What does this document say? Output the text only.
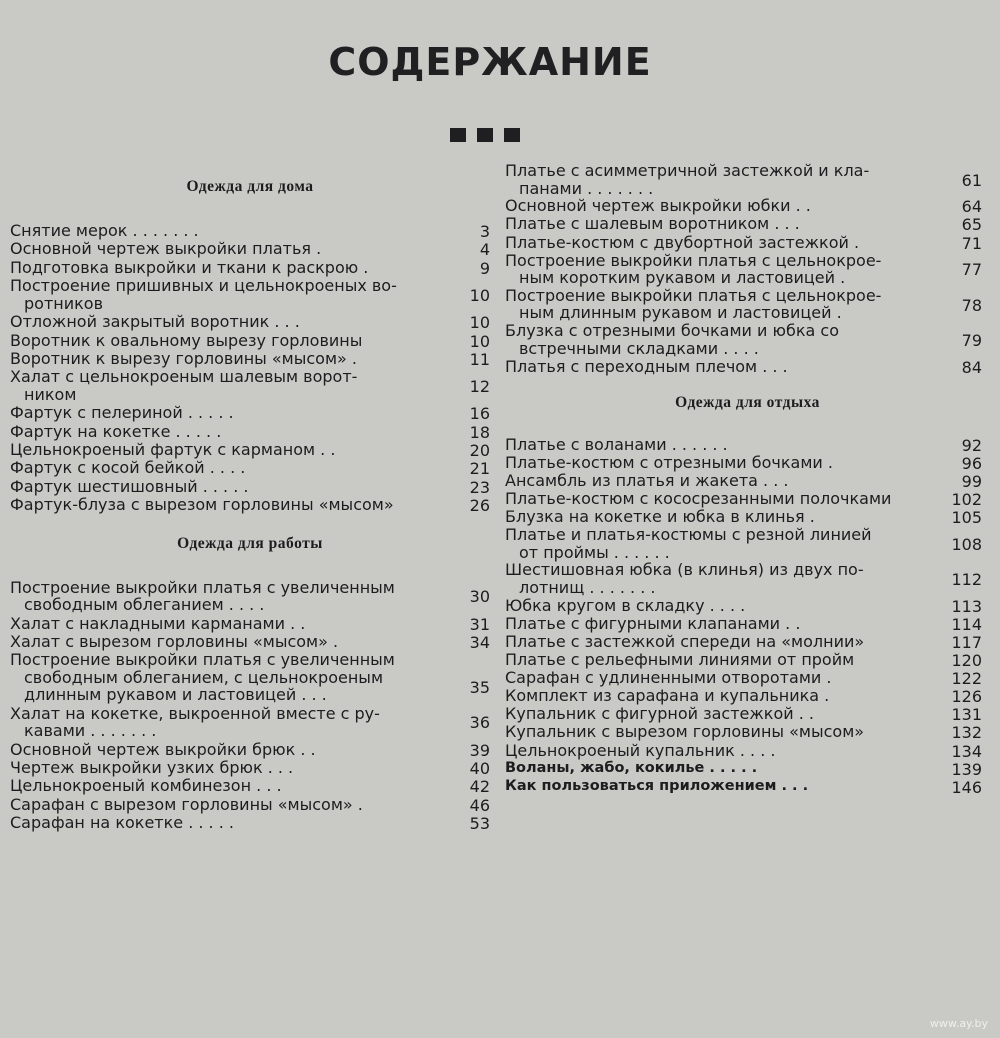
СОДЕРЖАНИЕ
Одежда для дома
Снятие мерок . . . . . . .	3
Основной чертеж выкройки платья .	4
Подготовка выкройки и ткани к раскрою .	9
Построение пришивных и цельнокроеных во-
ротников	10
Отложной закрытый воротник . . .	10
Воротник к овальному вырезу горловины	10
Воротник к вырезу горловины «мысом» .	11
Халат с цельнокроеным шалевым ворот-
ником	12
Фартук с пелериной . . . . .	16
Фартук на кокетке . . . . .	18
Цельнокроеный фартук с карманом . .	20
Фартук с косой бейкой . . . .	21
Фартук шестишовный . . . . .	23
Фартук-блуза с вырезом горловины «мысом»	26
Одежда для работы
Построение выкройки платья с увеличенным
свободным облеганием . . . .	30
Халат с накладными карманами . .	31
Халат с вырезом горловины «мысом» .	34
Построение выкройки платья с увеличенным
свободным облеганием, с цельнокроеным
длинным рукавом и ластовицей . . .	35
Халат на кокетке, выкроенной вместе с ру-
кавами . . . . . . .	36
Основной чертеж выкройки брюк . .	39
Чертеж выкройки узких брюк . . .	40
Цельнокроеный комбинезон . . .	42
Сарафан с вырезом горловины «мысом» .	46
Сарафан на кокетке . . . . .	53
Платье с асимметричной застежкой и кла-
панами . . . . . . .	61
Основной чертеж выкройки юбки . .	64
Платье с шалевым воротником . . .	65
Платье-костюм с двубортной застежкой .	71
Построение выкройки платья с цельнокрое-
ным коротким рукавом и ластовицей .	77
Построение выкройки платья с цельнокрое-
ным длинным рукавом и ластовицей .	78
Блузка с отрезными бочками и юбка со
встречными складками . . . .	79
Платья с переходным плечом . . .	84
Одежда для отдыха
Платье с воланами . . . . . .	92
Платье-костюм с отрезными бочками .	96
Ансамбль из платья и жакета . . .	99
Платье-костюм с косоcрезанными полочками	102
Блузка на кокетке и юбка в клинья .	105
Платье и платья-костюмы с резной линией
от проймы . . . . . .	108
Шестишовная юбка (в клинья) из двух по-
лотнищ . . . . . . .	112
Юбка кругом в складку . . . .	113
Платье с фигурными клапанами . .	114
Платье с застежкой спереди на «молнии»	117
Платье с рельефными линиями от пройм	120
Сарафан с удлиненными отворотами .	122
Комплект из сарафана и купальника .	126
Купальник с фигурной застежкой . .	131
Купальник с вырезом горловины «мысом»	132
Цельнокроеный купальник . . . .	134
Воланы, жабо, кокилье . . . . .	139
Как пользоваться приложением . . .	146
www.ay.by
